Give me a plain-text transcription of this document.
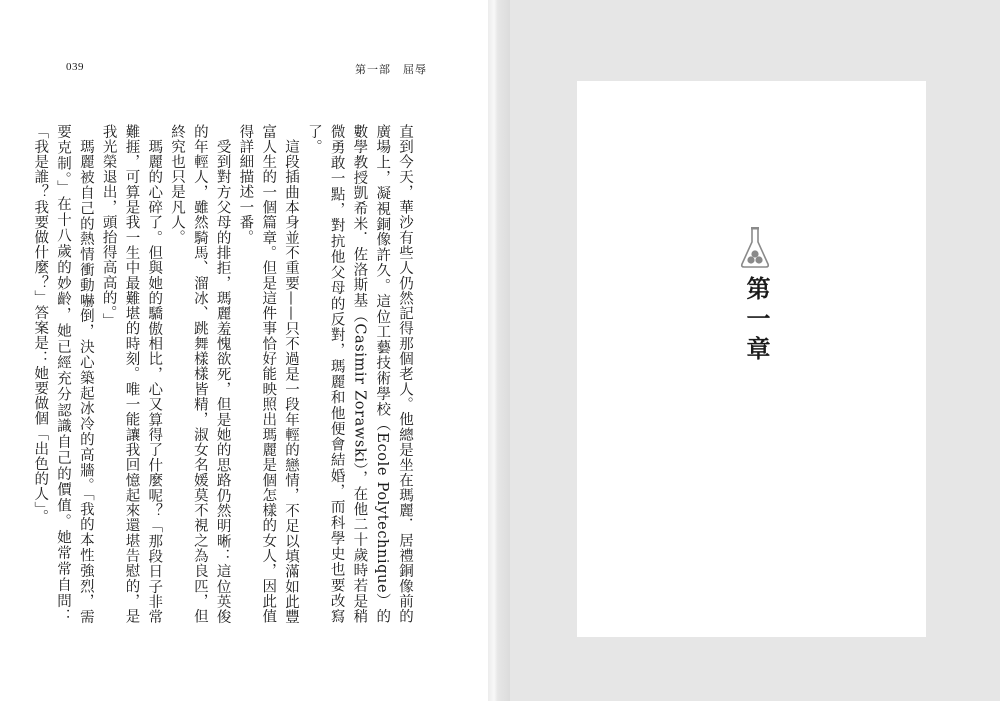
039	第一部　屈辱

直到今天，華沙有些人仍然記得那個老人。他總是坐在瑪麗．居禮銅像前的廣場上，凝視銅像許久。這位工藝技術學校（Ecole Polytechnique）的數學教授凱希米．佐洛斯基（Casimir Zorawski），在他二十歲時若是稍微勇敢一點，對抗他父母的反對，瑪麗和他便會結婚，而科學史也要改寫了。

這段插曲本身並不重要——只不過是一段年輕的戀情，不足以填滿如此豐富人生的一個篇章。但是這件事恰好能映照出瑪麗是個怎樣的女人，因此值得詳細描述一番。

受到對方父母的排拒，瑪麗羞愧欲死，但是她的思路仍然明晰：這位英俊的年輕人，雖然騎馬、溜冰、跳舞樣樣皆精，淑女名媛莫不視之為良匹，但終究也只是凡人。

瑪麗的心碎了。但與她的驕傲相比，心又算得了什麼呢？「那段日子非常難捱，可算是我一生中最難堪的時刻。唯一能讓我回憶起來還堪告慰的，是我光榮退出，頭抬得高高的。」

瑪麗被自己的熱情衝動嚇倒，決心築起冰冷的高牆。「我的本性強烈，需要克制。」在十八歲的妙齡，她已經充分認識自己的價值。她常常自問：「我是誰？我要做什麼？」答案是：她要做個「出色的人」。	第一章
